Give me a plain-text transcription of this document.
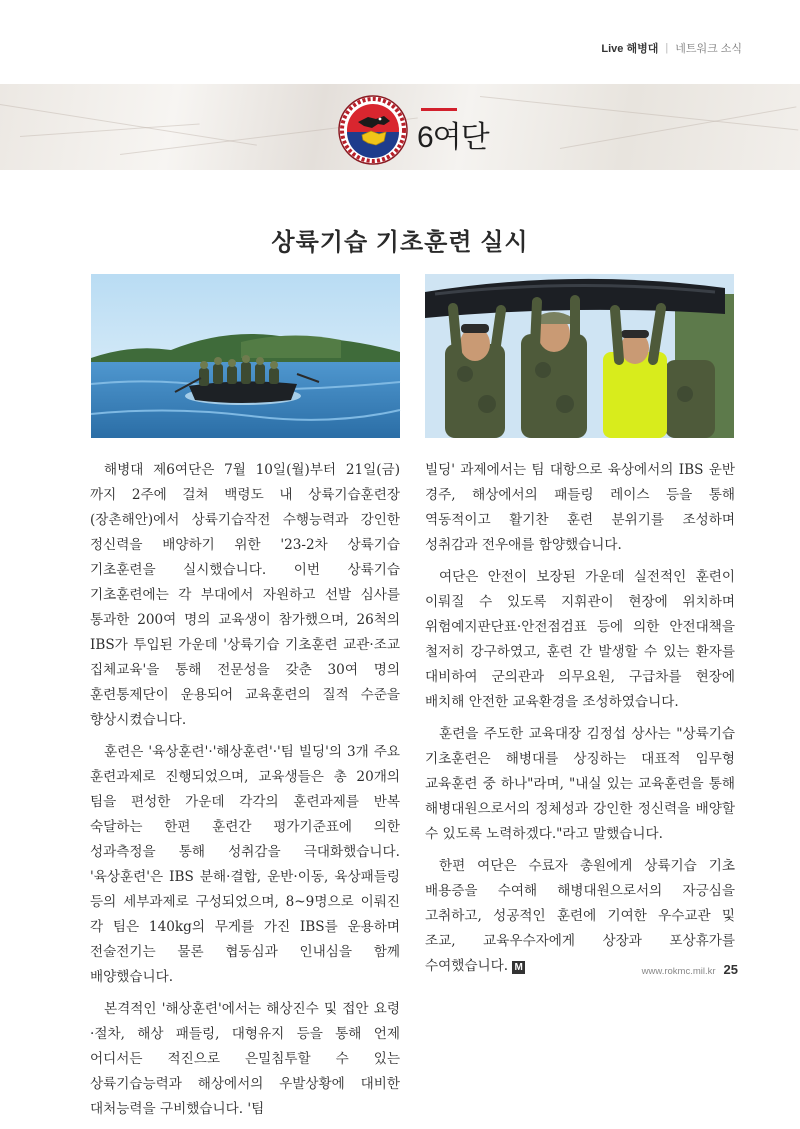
Live 해병대 | 네트워크 소식
6여단
상륙기습 기초훈련 실시

해병대 제6여단은 7월 10일(월)부터 21일(금)까지 2주에 걸쳐 백령도 내 상륙기습훈련장(장촌해안)에서 상륙기습작전 수행능력과 강인한 정신력을 배양하기 위한 '23-2차 상륙기습 기초훈련을 실시했습니다. 이번 상륙기습 기초훈련에는 각 부대에서 자원하고 선발 심사를 통과한 200여 명의 교육생이 참가했으며, 26척의 IBS가 투입된 가운데 '상륙기습 기초훈련 교관·조교 집체교육'을 통해 전문성을 갖춘 30여 명의 훈련통제단이 운용되어 교육훈련의 질적 수준을 향상시켰습니다.

훈련은 '육상훈련'·'해상훈련'·'팀 빌딩'의 3개 주요 훈련과제로 진행되었으며, 교육생들은 총 20개의 팀을 편성한 가운데 각각의 훈련과제를 반복 숙달하는 한편 훈련간 평가기준표에 의한 성과측정을 통해 성취감을 극대화했습니다. '육상훈련'은 IBS 분해·결합, 운반·이동, 육상패들링 등의 세부과제로 구성되었으며, 8~9명으로 이뤄진 각 팀은 140kg의 무게를 가진 IBS를 운용하며 전술전기는 물론 협동심과 인내심을 함께 배양했습니다.

본격적인 '해상훈련'에서는 해상진수 및 접안 요령·절차, 해상 패들링, 대형유지 등을 통해 언제 어디서든 적진으로 은밀침투할 수 있는 상륙기습능력과 해상에서의 우발상황에 대비한 대처능력을 구비했습니다. '팀

빌딩' 과제에서는 팀 대항으로 육상에서의 IBS 운반 경주, 해상에서의 패들링 레이스 등을 통해 역동적이고 활기찬 훈련 분위기를 조성하며 성취감과 전우애를 함양했습니다.

여단은 안전이 보장된 가운데 실전적인 훈련이 이뤄질 수 있도록 지휘관이 현장에 위치하며 위험예지판단표·안전점검표 등에 의한 안전대책을 철저히 강구하였고, 훈련 간 발생할 수 있는 환자를 대비하여 군의관과 의무요원, 구급차를 현장에 배치해 안전한 교육환경을 조성하였습니다.

훈련을 주도한 교육대장 김정섭 상사는 "상륙기습 기초훈련은 해병대를 상징하는 대표적 임무형 교육훈련 중 하나"라며, "내실 있는 교육훈련을 통해 해병대원으로서의 정체성과 강인한 정신력을 배양할 수 있도록 노력하겠다."라고 말했습니다.

한편 여단은 수료자 총원에게 상륙기습 기초 배용증을 수여해 해병대원으로서의 자긍심을 고취하고, 성공적인 훈련에 기여한 우수교관 및 조교, 교육우수자에게 상장과 포상휴가를 수여했습니다. M	www.rokmc.mil.kr 25
